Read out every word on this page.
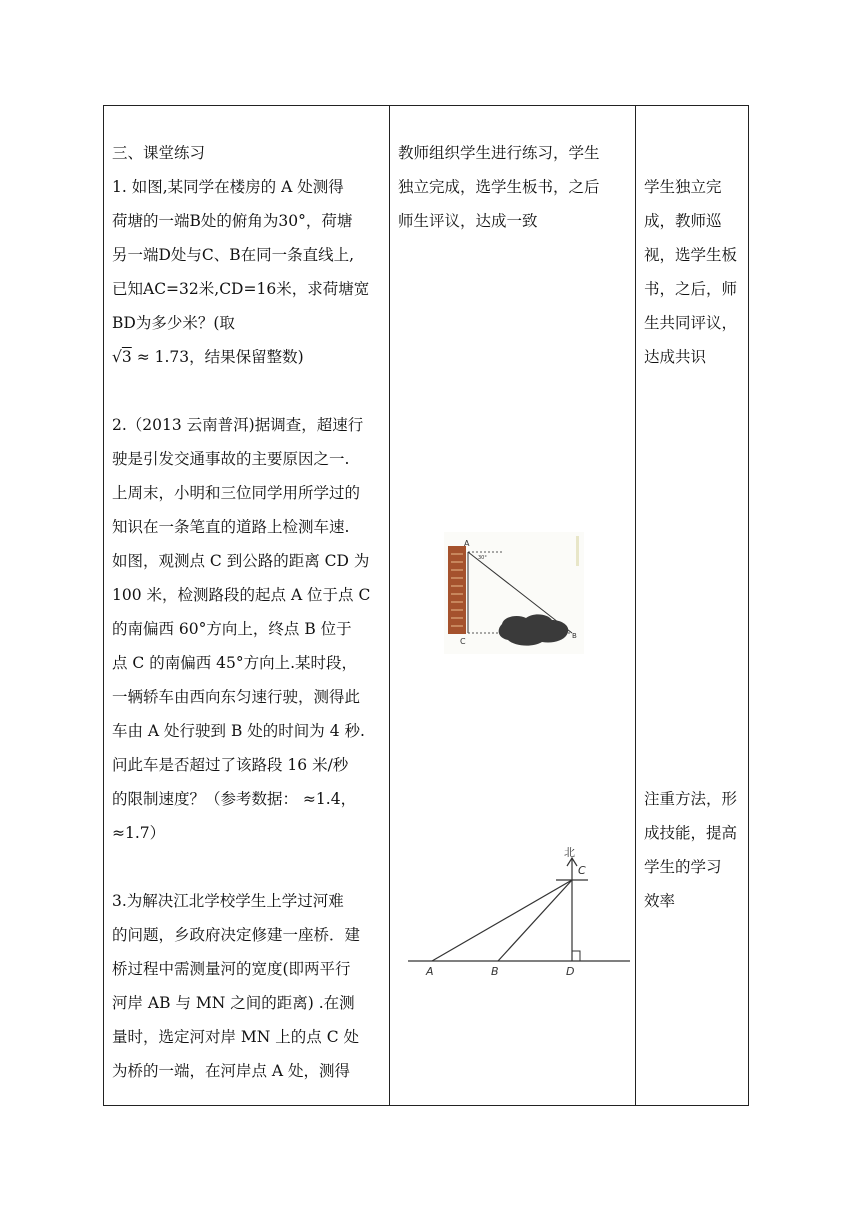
三、课堂练习
1. 如图,某同学在楼房的 A 处测得
荷塘的一端B处的俯角为30°，荷塘
另一端D处与C、B在同一条直线上,
已知AC=32米,CD=16米，求荷塘宽
BD为多少米？(取
√3 ≈ 1.73，结果保留整数)
2.（2013 云南普洱)据调查，超速行
驶是引发交通事故的主要原因之一.
上周末，小明和三位同学用所学过的
知识在一条笔直的道路上检测车速.
如图，观测点 C 到公路的距离 CD 为
100 米，检测路段的起点 A 位于点 C
的南偏西 60°方向上，终点 B 位于
点 C 的南偏西 45°方向上.某时段，
一辆轿车由西向东匀速行驶，测得此
车由 A 处行驶到 B 处的时间为 4 秒.
问此车是否超过了该路段 16 米/秒
的限制速度？（参考数据： ≈1.4，
≈1.7）
3.为解决江北学校学生上学过河难
的问题，乡政府决定修建一座桥．建
桥过程中需测量河的宽度(即两平行
河岸 AB 与 MN 之间的距离) .在测
量时，选定河对岸 MN 上的点 C 处
为桥的一端，在河岸点 A 处，测得
教师组织学生进行练习，学生
独立完成，选学生板书，之后
师生评议，达成一致
A
30°
C
B
北
C
A	B	D
学生独立完
成，教师巡
视，选学生板
书，之后，师
生共同评议，
达成共识
注重方法，形
成技能，提高
学生的学习
效率
